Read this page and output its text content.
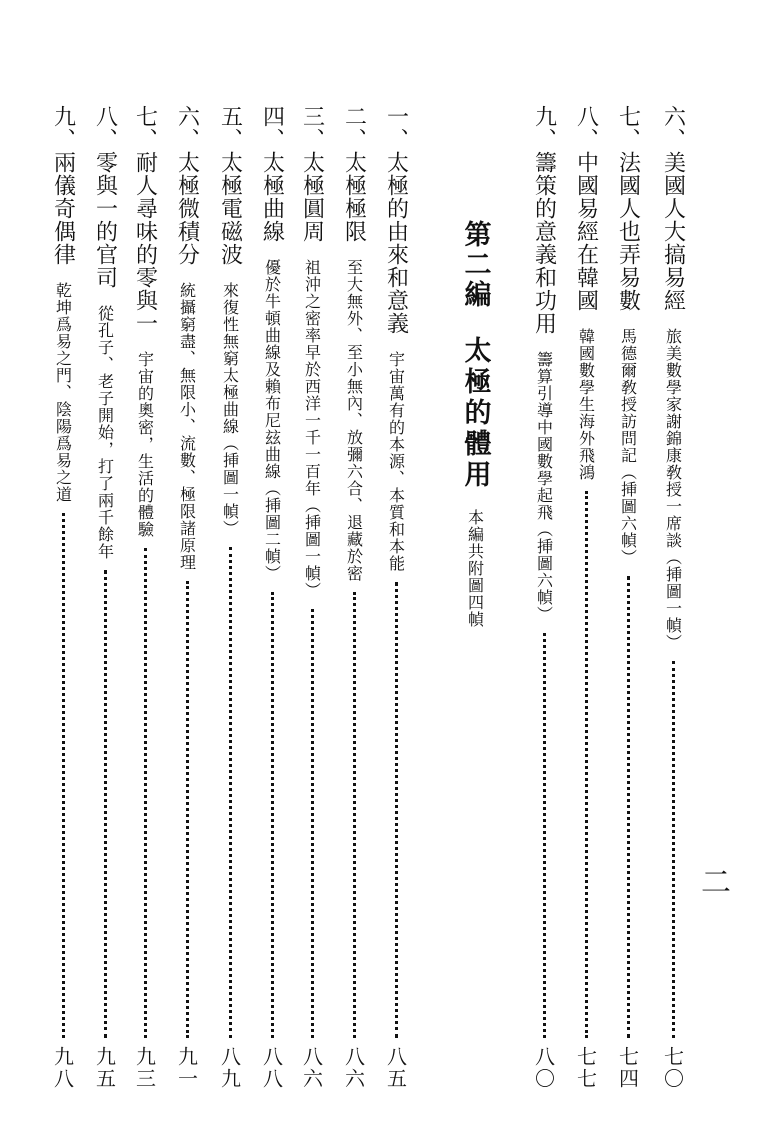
六、
美國人大搞易經
旅美數學家謝錦康敎授一席談（挿圖一幀）
七〇
七、
法國人也弄易數
馬德爾敎授訪問記（挿圖六幀）
七四
八、
中國易經在韓國
韓國數學生海外飛鴻
七七
九、
籌策的意義和功用
籌算引導中國數學起飛（挿圖六幀）
八〇
第二編
太極的體用
本編共附圖四幀
一、
太極的由來和意義
宇宙萬有的本源、本質和本能
八五
二、
太極極限
至大無外、至小無內、放彌六合、退藏於密
八六
三、
太極圓周
祖沖之密率早於西洋一千一百年（挿圖一幀）
八六
四、
太極曲線
優於牛頓曲線及賴布尼玆曲線（挿圖二幀）
八八
五、
太極電磁波
來復性無窮太極曲線（挿圖一幀）
八九
六、
太極微積分
統攝窮盡、無限小、流數、極限諸原理
九一
七、
耐人尋味的零與一
宇宙的奧密，生活的體驗
九三
八、
零與一的官司
從孔子、老子開始，打了兩千餘年
九五
九、
兩儀奇偶律
乾坤爲易之門、陰陽爲易之道
九八
二
